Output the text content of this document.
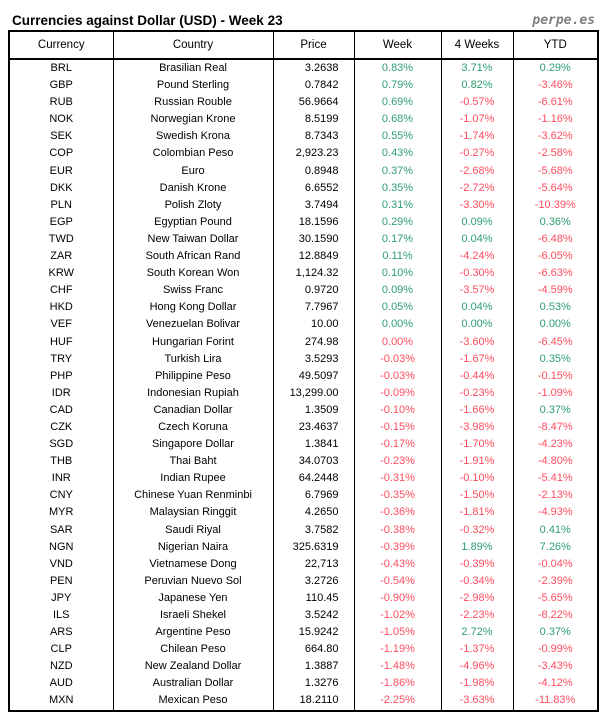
Currencies against Dollar (USD) - Week 23	perpe.es
Currency	Country	Price	Week	4 Weeks	YTD
BRL	Brasilian Real	3.2638	0.83%	3.71%	0.29%
GBP	Pound Sterling	0.7842	0.79%	0.82%	-3.46%
RUB	Russian Rouble	56.9664	0.69%	-0.57%	-6.61%
NOK	Norwegian Krone	8.5199	0.68%	-1.07%	-1.16%
SEK	Swedish Krona	8.7343	0.55%	-1.74%	-3.62%
COP	Colombian Peso	2,923.23	0.43%	-0.27%	-2.58%
EUR	Euro	0.8948	0.37%	-2.68%	-5.68%
DKK	Danish Krone	6.6552	0.35%	-2.72%	-5.64%
PLN	Polish Zloty	3.7494	0.31%	-3.30%	-10.39%
EGP	Egyptian Pound	18.1596	0.29%	0.09%	0.36%
TWD	New Taiwan Dollar	30.1590	0.17%	0.04%	-6.48%
ZAR	South African Rand	12.8849	0.11%	-4.24%	-6.05%
KRW	South Korean Won	1,124.32	0.10%	-0.30%	-6.63%
CHF	Swiss Franc	0.9720	0.09%	-3.57%	-4.59%
HKD	Hong Kong Dollar	7.7967	0.05%	0.04%	0.53%
VEF	Venezuelan Bolivar	10.00	0.00%	0.00%	0.00%
HUF	Hungarian Forint	274.98	0.00%	-3.60%	-6.45%
TRY	Turkish Lira	3.5293	-0.03%	-1.67%	0.35%
PHP	Philippine Peso	49.5097	-0.03%	-0.44%	-0.15%
IDR	Indonesian Rupiah	13,299.00	-0.09%	-0.23%	-1.09%
CAD	Canadian Dollar	1.3509	-0.10%	-1.66%	0.37%
CZK	Czech Koruna	23.4637	-0.15%	-3.98%	-8.47%
SGD	Singapore Dollar	1.3841	-0.17%	-1.70%	-4.23%
THB	Thai Baht	34.0703	-0.23%	-1.91%	-4.80%
INR	Indian Rupee	64.2448	-0.31%	-0.10%	-5.41%
CNY	Chinese Yuan Renminbi	6.7969	-0.35%	-1.50%	-2.13%
MYR	Malaysian Ringgit	4.2650	-0.36%	-1.81%	-4.93%
SAR	Saudi Riyal	3.7582	-0.38%	-0.32%	0.41%
NGN	Nigerian Naira	325.6319	-0.39%	1.89%	7.26%
VND	Vietnamese Dong	22,713	-0.43%	-0.39%	-0.04%
PEN	Peruvian Nuevo Sol	3.2726	-0.54%	-0.34%	-2.39%
JPY	Japanese Yen	110.45	-0.90%	-2.98%	-5.65%
ILS	Israeli Shekel	3.5242	-1.02%	-2.23%	-8.22%
ARS	Argentine Peso	15.9242	-1.05%	2.72%	0.37%
CLP	Chilean Peso	664.80	-1.19%	-1.37%	-0.99%
NZD	New Zealand Dollar	1.3887	-1.48%	-4.96%	-3.43%
AUD	Australian Dollar	1.3276	-1.86%	-1.98%	-4.12%
MXN	Mexican Peso	18.2110	-2.25%	-3.63%	-11.83%
